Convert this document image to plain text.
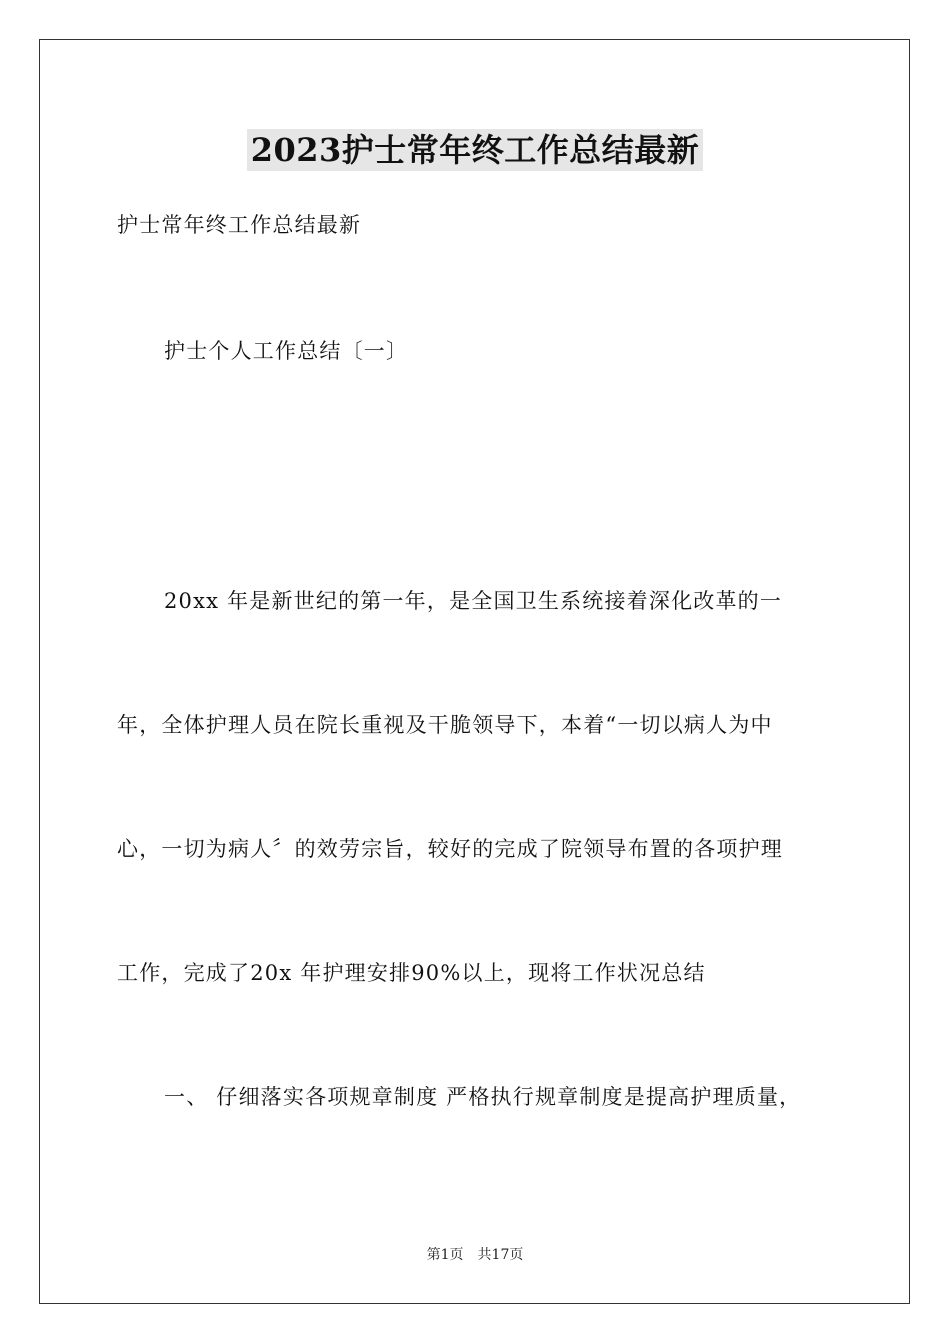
2023护士常年终工作总结最新
护士常年终工作总结最新
护士个人工作总结〔一〕
20xx 年是新世纪的第一年，是全国卫生系统接着深化改革的一
年，全体护理人员在院长重视及干脆领导下，本着“一切以病人为中
心，一切为病人〞的效劳宗旨，较好的完成了院领导布置的各项护理
工作，完成了20x 年护理安排90%以上，现将工作状况总结
一、 仔细落实各项规章制度 严格执行规章制度是提高护理质量，
第1页 共17页
